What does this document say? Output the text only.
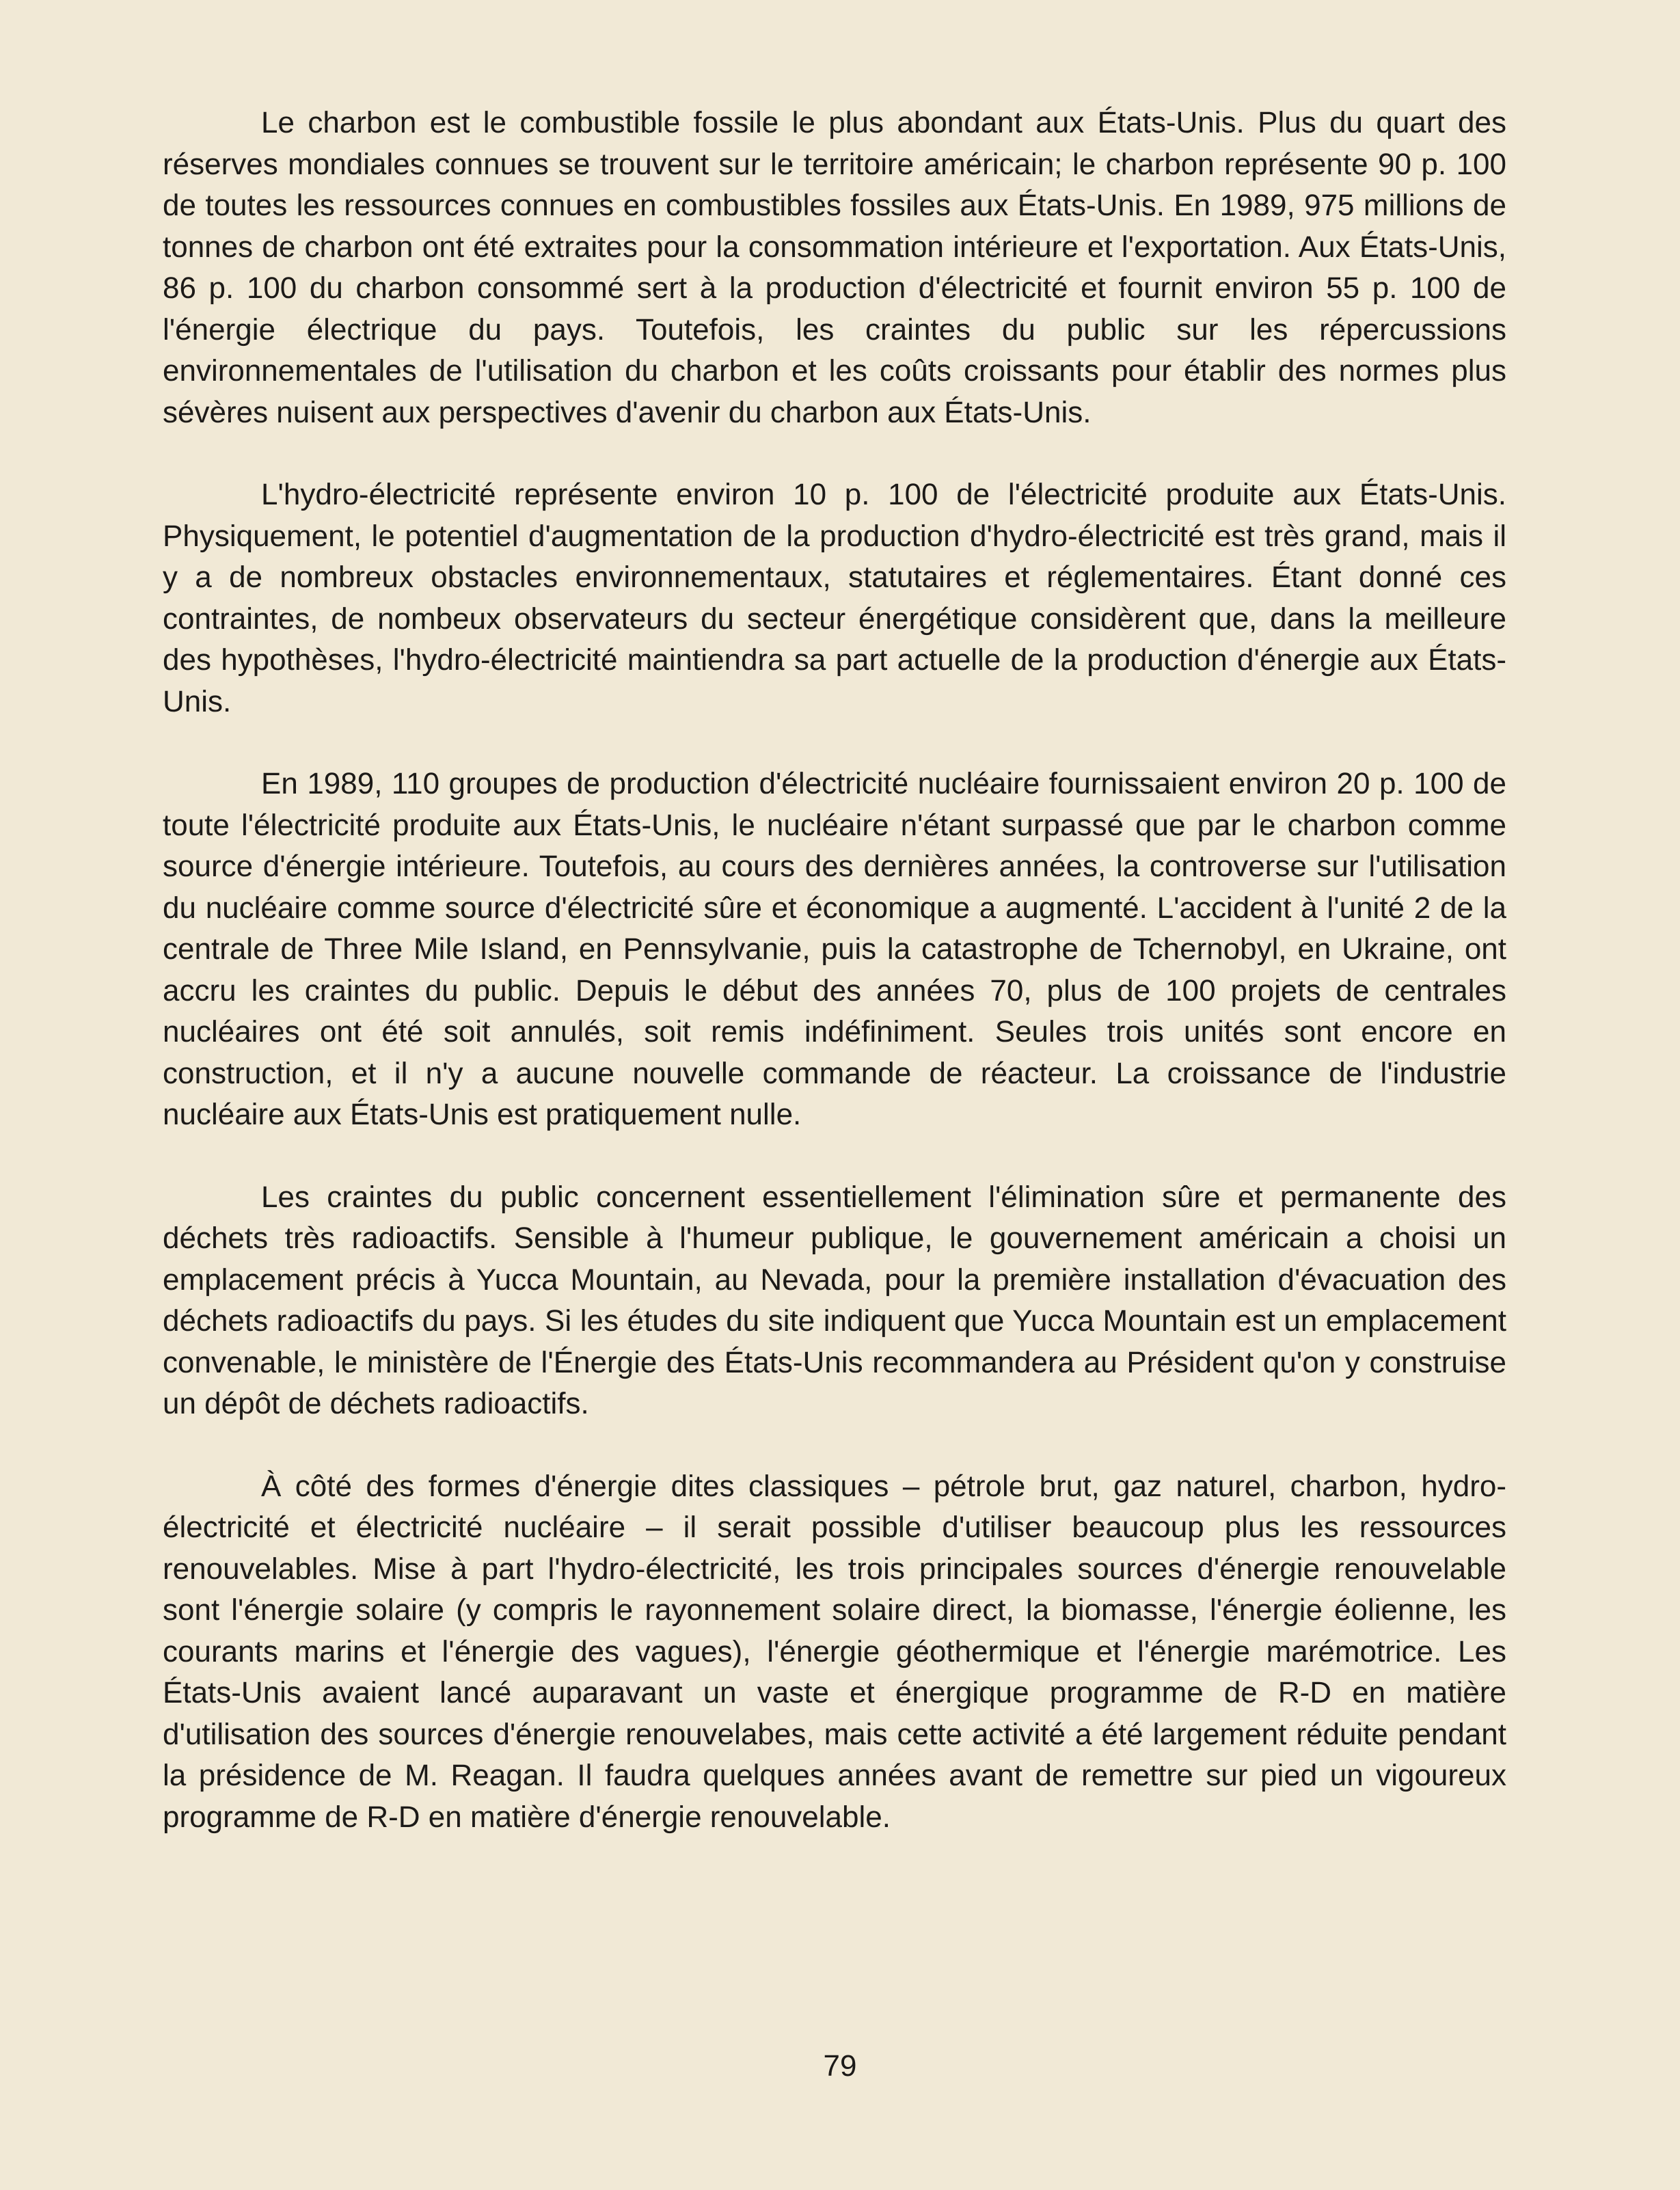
Le charbon est le combustible fossile le plus abondant aux États-Unis. Plus du quart des réserves mondiales connues se trouvent sur le territoire américain; le charbon représente 90 p. 100 de toutes les ressources connues en combustibles fossiles aux États-Unis. En 1989, 975 millions de tonnes de charbon ont été extraites pour la consommation intérieure et l'exportation. Aux États-Unis, 86 p. 100 du charbon consommé sert à la production d'électricité et fournit environ 55 p. 100 de l'énergie électrique du pays. Toutefois, les craintes du public sur les répercussions environnementales de l'utilisation du charbon et les coûts croissants pour établir des normes plus sévères nuisent aux perspectives d'avenir du charbon aux États-Unis.

L'hydro-électricité représente environ 10 p. 100 de l'électricité produite aux États-Unis. Physiquement, le potentiel d'augmentation de la production d'hydro-électricité est très grand, mais il y a de nombreux obstacles environnementaux, statutaires et réglementaires. Étant donné ces contraintes, de nombeux observateurs du secteur énergétique considèrent que, dans la meilleure des hypothèses, l'hydro-électricité maintiendra sa part actuelle de la production d'énergie aux États-Unis.

En 1989, 110 groupes de production d'électricité nucléaire fournissaient environ 20 p. 100 de toute l'électricité produite aux États-Unis, le nucléaire n'étant surpassé que par le charbon comme source d'énergie intérieure. Toutefois, au cours des dernières années, la controverse sur l'utilisation du nucléaire comme source d'électricité sûre et économique a augmenté. L'accident à l'unité 2 de la centrale de Three Mile Island, en Pennsylvanie, puis la catastrophe de Tchernobyl, en Ukraine, ont accru les craintes du public. Depuis le début des années 70, plus de 100 projets de centrales nucléaires ont été soit annulés, soit remis indéfiniment. Seules trois unités sont encore en construction, et il n'y a aucune nouvelle commande de réacteur. La croissance de l'industrie nucléaire aux États-Unis est pratiquement nulle.

Les craintes du public concernent essentiellement l'élimination sûre et permanente des déchets très radioactifs. Sensible à l'humeur publique, le gouvernement américain a choisi un emplacement précis à Yucca Mountain, au Nevada, pour la première installation d'évacuation des déchets radioactifs du pays. Si les études du site indiquent que Yucca Mountain est un emplacement convenable, le ministère de l'Énergie des États-Unis recommandera au Président qu'on y construise un dépôt de déchets radioactifs.

À côté des formes d'énergie dites classiques – pétrole brut, gaz naturel, charbon, hydro-électricité et électricité nucléaire – il serait possible d'utiliser beaucoup plus les ressources renouvelables. Mise à part l'hydro-électricité, les trois principales sources d'énergie renouvelable sont l'énergie solaire (y compris le rayonnement solaire direct, la biomasse, l'énergie éolienne, les courants marins et l'énergie des vagues), l'énergie géothermique et l'énergie marémotrice. Les États-Unis avaient lancé auparavant un vaste et énergique programme de R-D en matière d'utilisation des sources d'énergie renouvelabes, mais cette activité a été largement réduite pendant la présidence de M. Reagan. Il faudra quelques années avant de remettre sur pied un vigoureux programme de R-D en matière d'énergie renouvelable.

79
